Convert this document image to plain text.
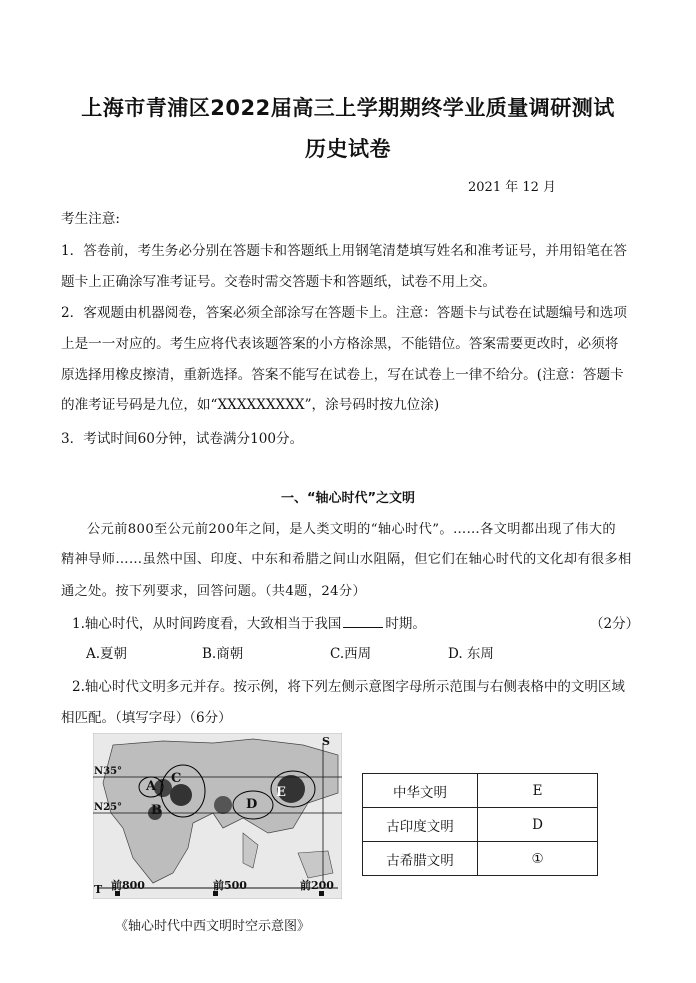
上海市青浦区2022届高三上学期期终学业质量调研测试
历史试卷
2021 年 12 月
考生注意:
1．答卷前，考生务必分别在答题卡和答题纸上用钢笔清楚填写姓名和准考证号，并用铅笔在答
题卡上正确涂写准考证号。交卷时需交答题卡和答题纸，试卷不用上交。
2．客观题由机器阅卷，答案必须全部涂写在答题卡上。注意：答题卡与试卷在试题编号和选项
上是一一对应的。考生应将代表该题答案的小方格涂黑，不能错位。答案需要更改时，必须将
原选择用橡皮擦清，重新选择。答案不能写在试卷上，写在试卷上一律不给分。(注意：答题卡
的准考证号码是九位，如“XXXXXXXXX”，涂号码时按九位涂)
3．考试时间60分钟，试卷满分100分。
一、“轴心时代”之文明
公元前800至公元前200年之间，是人类文明的“轴心时代”。……各文明都出现了伟大的
精神导师……虽然中国、印度、中东和希腊之间山水阻隔，但它们在轴心时代的文化却有很多相
通之处。按下列要求，回答问题。（共4题，24分）
1.轴心时代，从时间跨度看，大致相当于我国	时期。	（2分）
A.夏朝	B.商朝	C.西周	D. 东周
2.轴心时代文明多元并存。按示例，将下列左侧示意图字母所示范围与右侧表格中的文明区域
相匹配。（填写字母）（6分）
N35°
N25°
A
B
C
D
E
S
T 前800	前500	前200
《轴心时代中西文明时空示意图》
中华文明	E
古印度文明	D
古希腊文明	①
